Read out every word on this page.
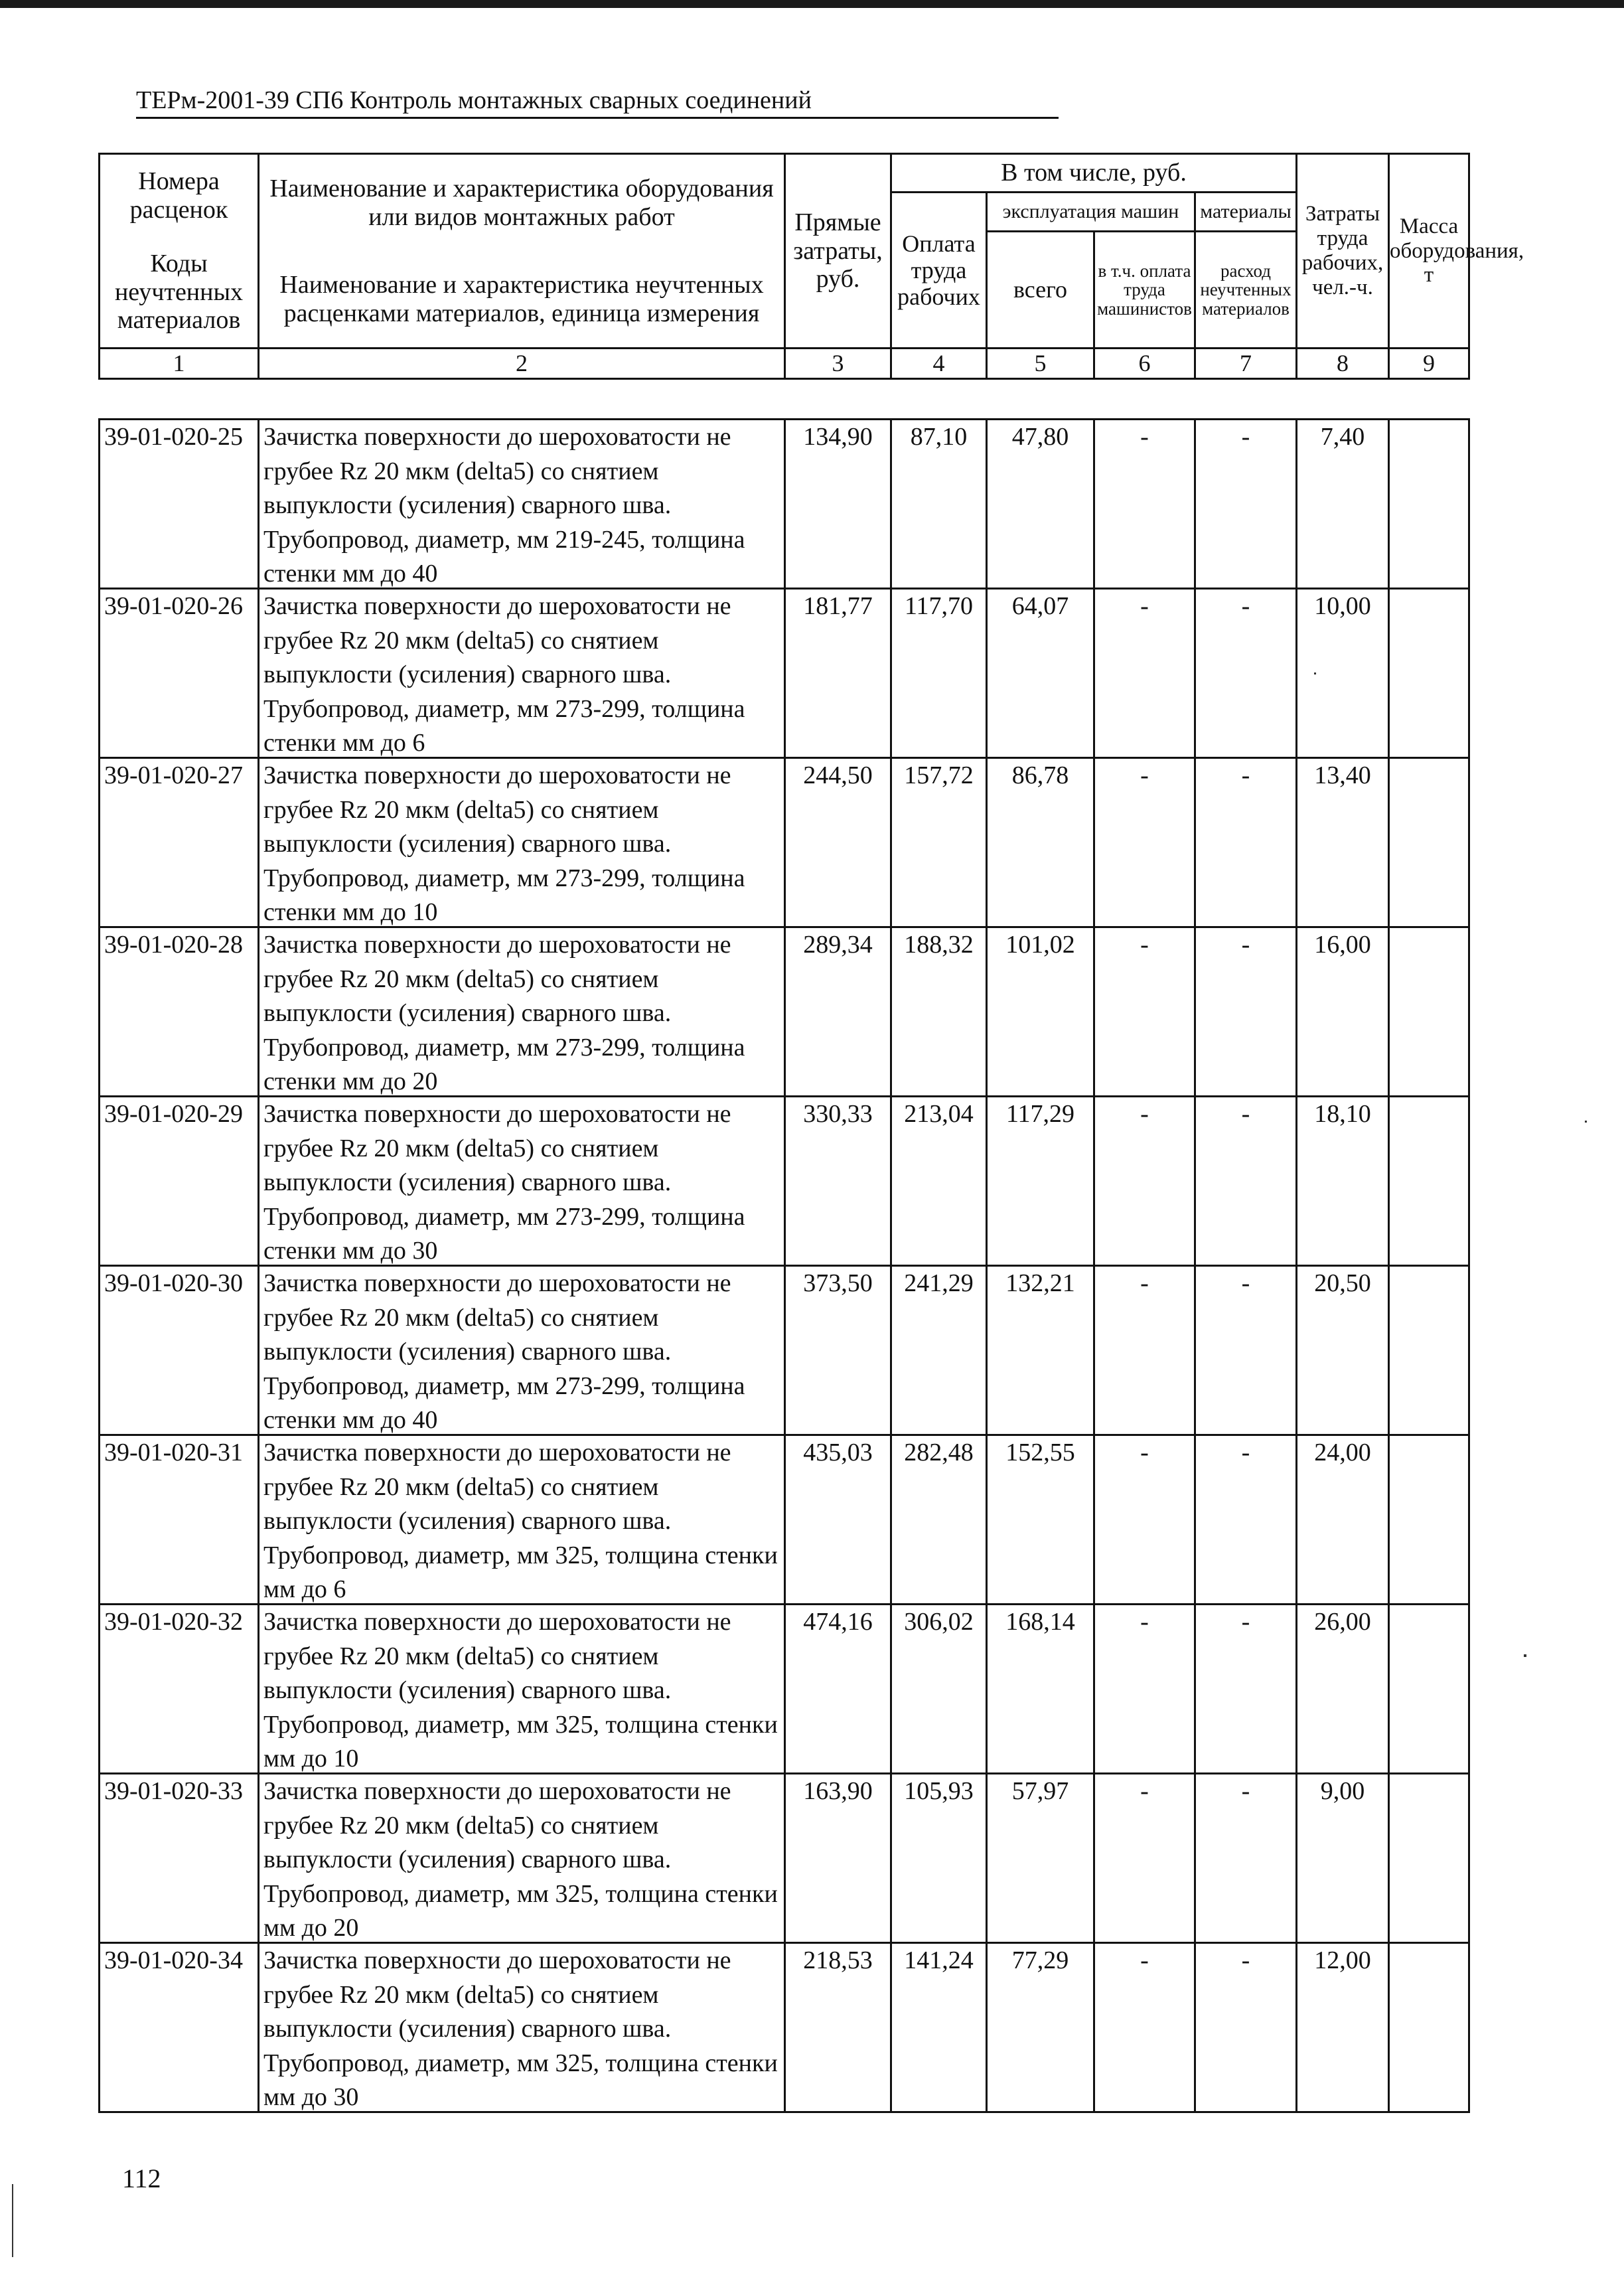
ТЕРм-2001-39 СП6 Контроль монтажных сварных соединений
Номера расценок
Коды неучтенных материалов	Наименование и характеристика оборудования или видов монтажных работ
Наименование и характеристика неучтенных расценками материалов, единица измерения	Прямые затраты, руб.	В том числе, руб.				Затраты труда рабочих, чел.-ч.	Масса оборудования, т
			Оплата труда рабочих	эксплуатация машин		материалы		
				всего	в т.ч. оплата труда машинистов	расход неучтенных материалов		

1	2	3	4	5	6	7	8	9
39-01-020-25	Зачистка поверхности до шероховатости не грубее Rz 20 мкм (delta5) со снятием выпуклости (усиления) сварного шва. Трубопровод, диаметр, мм 219-245, толщина стенки мм до 40	134,90	87,10	47,80	-	-	7,40	
39-01-020-26	Зачистка поверхности до шероховатости не грубее Rz 20 мкм (delta5) со снятием выпуклости (усиления) сварного шва. Трубопровод, диаметр, мм 273-299, толщина стенки мм до 6	181,77	117,70	64,07	-	-	10,00	
39-01-020-27	Зачистка поверхности до шероховатости не грубее Rz 20 мкм (delta5) со снятием выпуклости (усиления) сварного шва. Трубопровод, диаметр, мм 273-299, толщина стенки мм до 10	244,50	157,72	86,78	-	-	13,40	
39-01-020-28	Зачистка поверхности до шероховатости не грубее Rz 20 мкм (delta5) со снятием выпуклости (усиления) сварного шва. Трубопровод, диаметр, мм 273-299, толщина стенки мм до 20	289,34	188,32	101,02	-	-	16,00	
39-01-020-29	Зачистка поверхности до шероховатости не грубее Rz 20 мкм (delta5) со снятием выпуклости (усиления) сварного шва. Трубопровод, диаметр, мм 273-299, толщина стенки мм до 30	330,33	213,04	117,29	-	-	18,10	
39-01-020-30	Зачистка поверхности до шероховатости не грубее Rz 20 мкм (delta5) со снятием выпуклости (усиления) сварного шва. Трубопровод, диаметр, мм 273-299, толщина стенки мм до 40	373,50	241,29	132,21	-	-	20,50	
39-01-020-31	Зачистка поверхности до шероховатости не грубее Rz 20 мкм (delta5) со снятием выпуклости (усиления) сварного шва. Трубопровод, диаметр, мм 325, толщина стенки мм до 6	435,03	282,48	152,55	-	-	24,00	
39-01-020-32	Зачистка поверхности до шероховатости не грубее Rz 20 мкм (delta5) со снятием выпуклости (усиления) сварного шва. Трубопровод, диаметр, мм 325, толщина стенки мм до 10	474,16	306,02	168,14	-	-	26,00	
39-01-020-33	Зачистка поверхности до шероховатости не грубее Rz 20 мкм (delta5) со снятием выпуклости (усиления) сварного шва. Трубопровод, диаметр, мм 325, толщина стенки мм до 20	163,90	105,93	57,97	-	-	9,00	
39-01-020-34	Зачистка поверхности до шероховатости не грубее Rz 20 мкм (delta5) со снятием выпуклости (усиления) сварного шва. Трубопровод, диаметр, мм 325, толщина стенки мм до 30	218,53	141,24	77,29	-	-	12,00	
112
